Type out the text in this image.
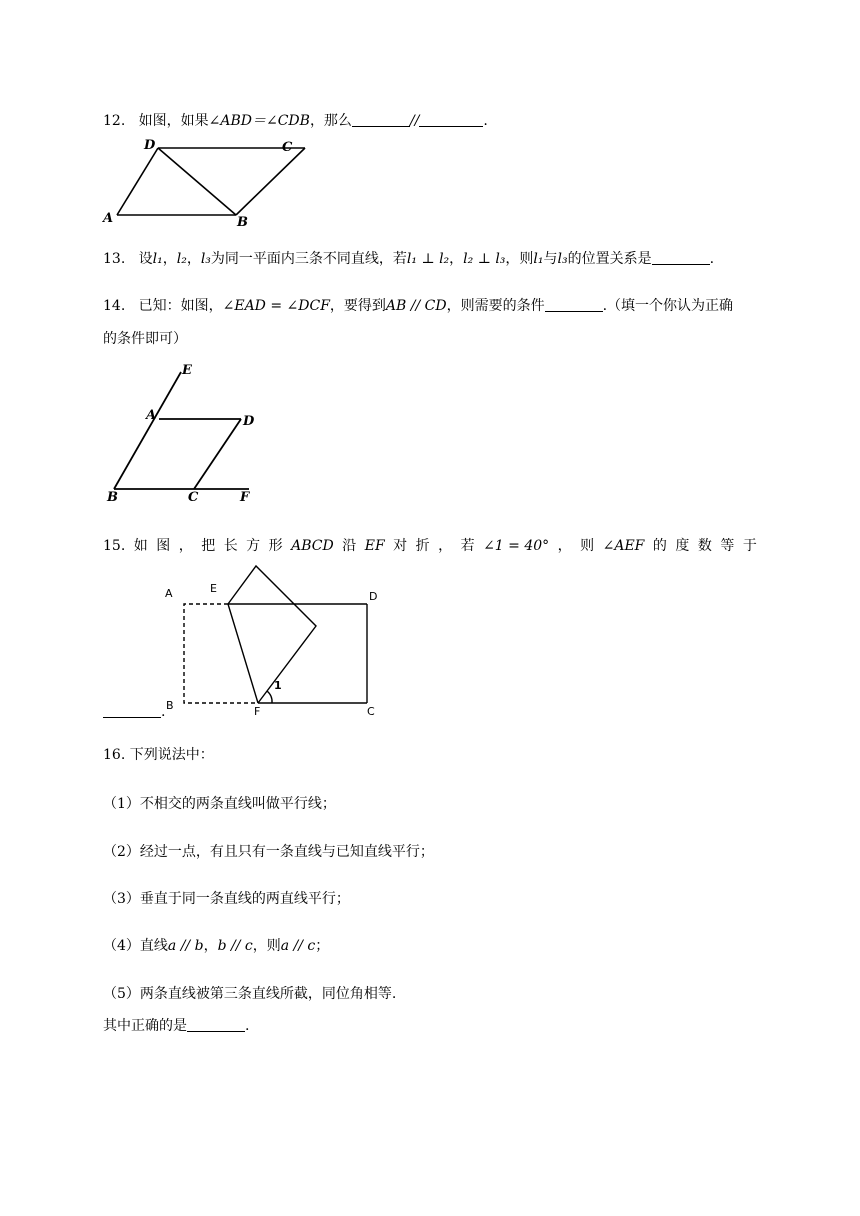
12. 如图，如果∠ABD＝∠CDB，那么	//	.
D	C
A	B
13. 设l₁，l₂，l₃为同一平面内三条不同直线，若l₁ ⊥ l₂，l₂ ⊥ l₃，则l₁与l₃的位置关系是	.
14. 已知：如图，∠EAD = ∠DCF，要得到AB // CD，则需要的条件	.（填一个你认为正确
的条件即可）
E
A	D
B	C	F
15. 如 图 ， 把 长 方 形 ABCD 沿 EF 对 折 ， 若 ∠1 = 40° ， 则 ∠AEF 的 度 数 等 于
.
A	E
D
B	F	C
1
16. 下列说法中：
（1）不相交的两条直线叫做平行线；
（2）经过一点，有且只有一条直线与已知直线平行；
（3）垂直于同一条直线的两直线平行；
（4）直线a // b，b // c，则a // c；
（5）两条直线被第三条直线所截，同位角相等.
其中正确的是	.
